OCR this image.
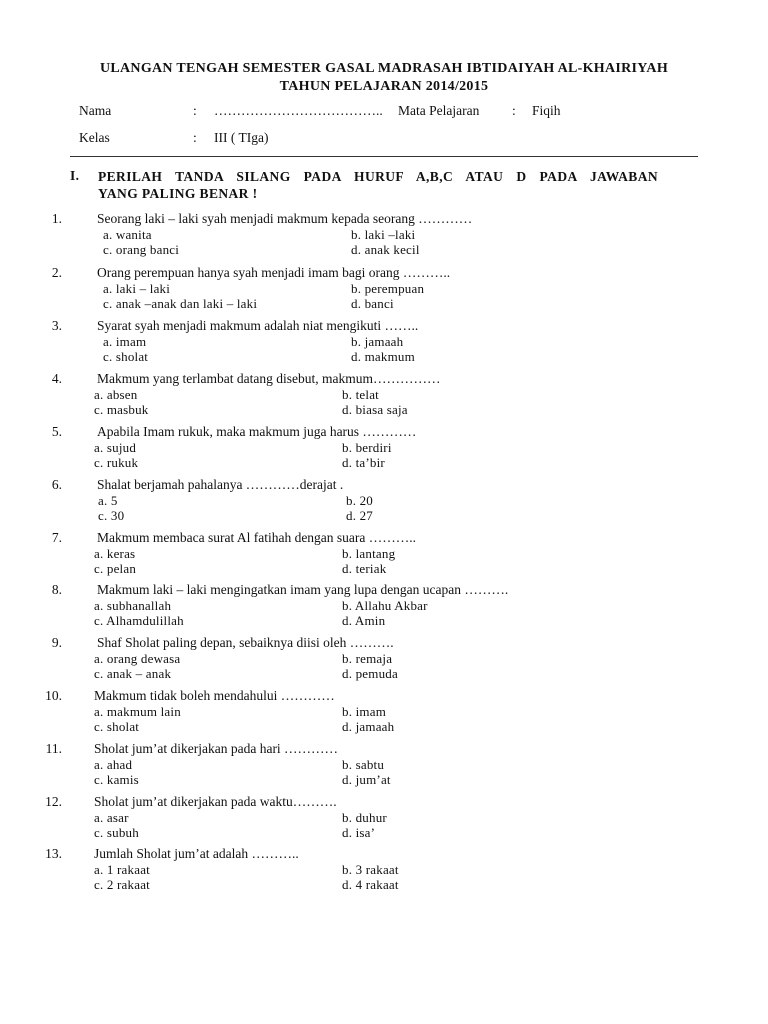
ULANGAN TENGAH SEMESTER GASAL MADRASAH IBTIDAIYAH AL-KHAIRIYAH
TAHUN PELAJARAN 2014/2015
Nama	: ……………………………….. Mata Pelajaran : Fiqih
Kelas	: III ( TIga)
I. PERILAH TANDA SILANG PADA HURUF A,B,C ATAU D PADA JAWABAN
YANG PALING BENAR !
1.	Seorang laki – laki syah menjadi makmum kepada seorang …………
a. wanita	b. laki –laki
c. orang banci	d. anak kecil
2.	Orang perempuan hanya syah menjadi imam bagi orang ………..
a. laki – laki	b. perempuan
c. anak –anak dan laki – laki	d. banci
3.	Syarat syah menjadi makmum adalah niat mengikuti ……..
a. imam	b. jamaah
c. sholat	d. makmum
4.	Makmum yang terlambat datang disebut, makmum……………
a. absen	b. telat
c. masbuk	d. biasa saja
5.	Apabila Imam rukuk, maka makmum juga harus …………
a. sujud	b. berdiri
c. rukuk	d. ta’bir
6.	Shalat berjamah pahalanya …………derajat .
a. 5	b. 20
c. 30	d. 27
7.	Makmum membaca surat Al fatihah dengan suara ………..
a. keras	b. lantang
c. pelan	d. teriak
8.	Makmum laki – laki mengingatkan imam yang lupa dengan ucapan ……….
a. subhanallah	b. Allahu Akbar
c. Alhamdulillah	d. Amin
9.	Shaf Sholat paling depan, sebaiknya diisi oleh ……….
a. orang dewasa	b. remaja
c. anak – anak	d. pemuda
10. Makmum tidak boleh mendahului …………
a. makmum lain	b. imam
c. sholat	d. jamaah
11. Sholat jum’at dikerjakan pada hari …………
a. ahad	b. sabtu
c. kamis	d. jum’at
12. Sholat jum’at dikerjakan pada waktu……….
a. asar	b. duhur
c. subuh	d. isa’
13. Jumlah Sholat jum’at adalah ………..
a. 1 rakaat	b. 3 rakaat
c. 2 rakaat	d. 4 rakaat
